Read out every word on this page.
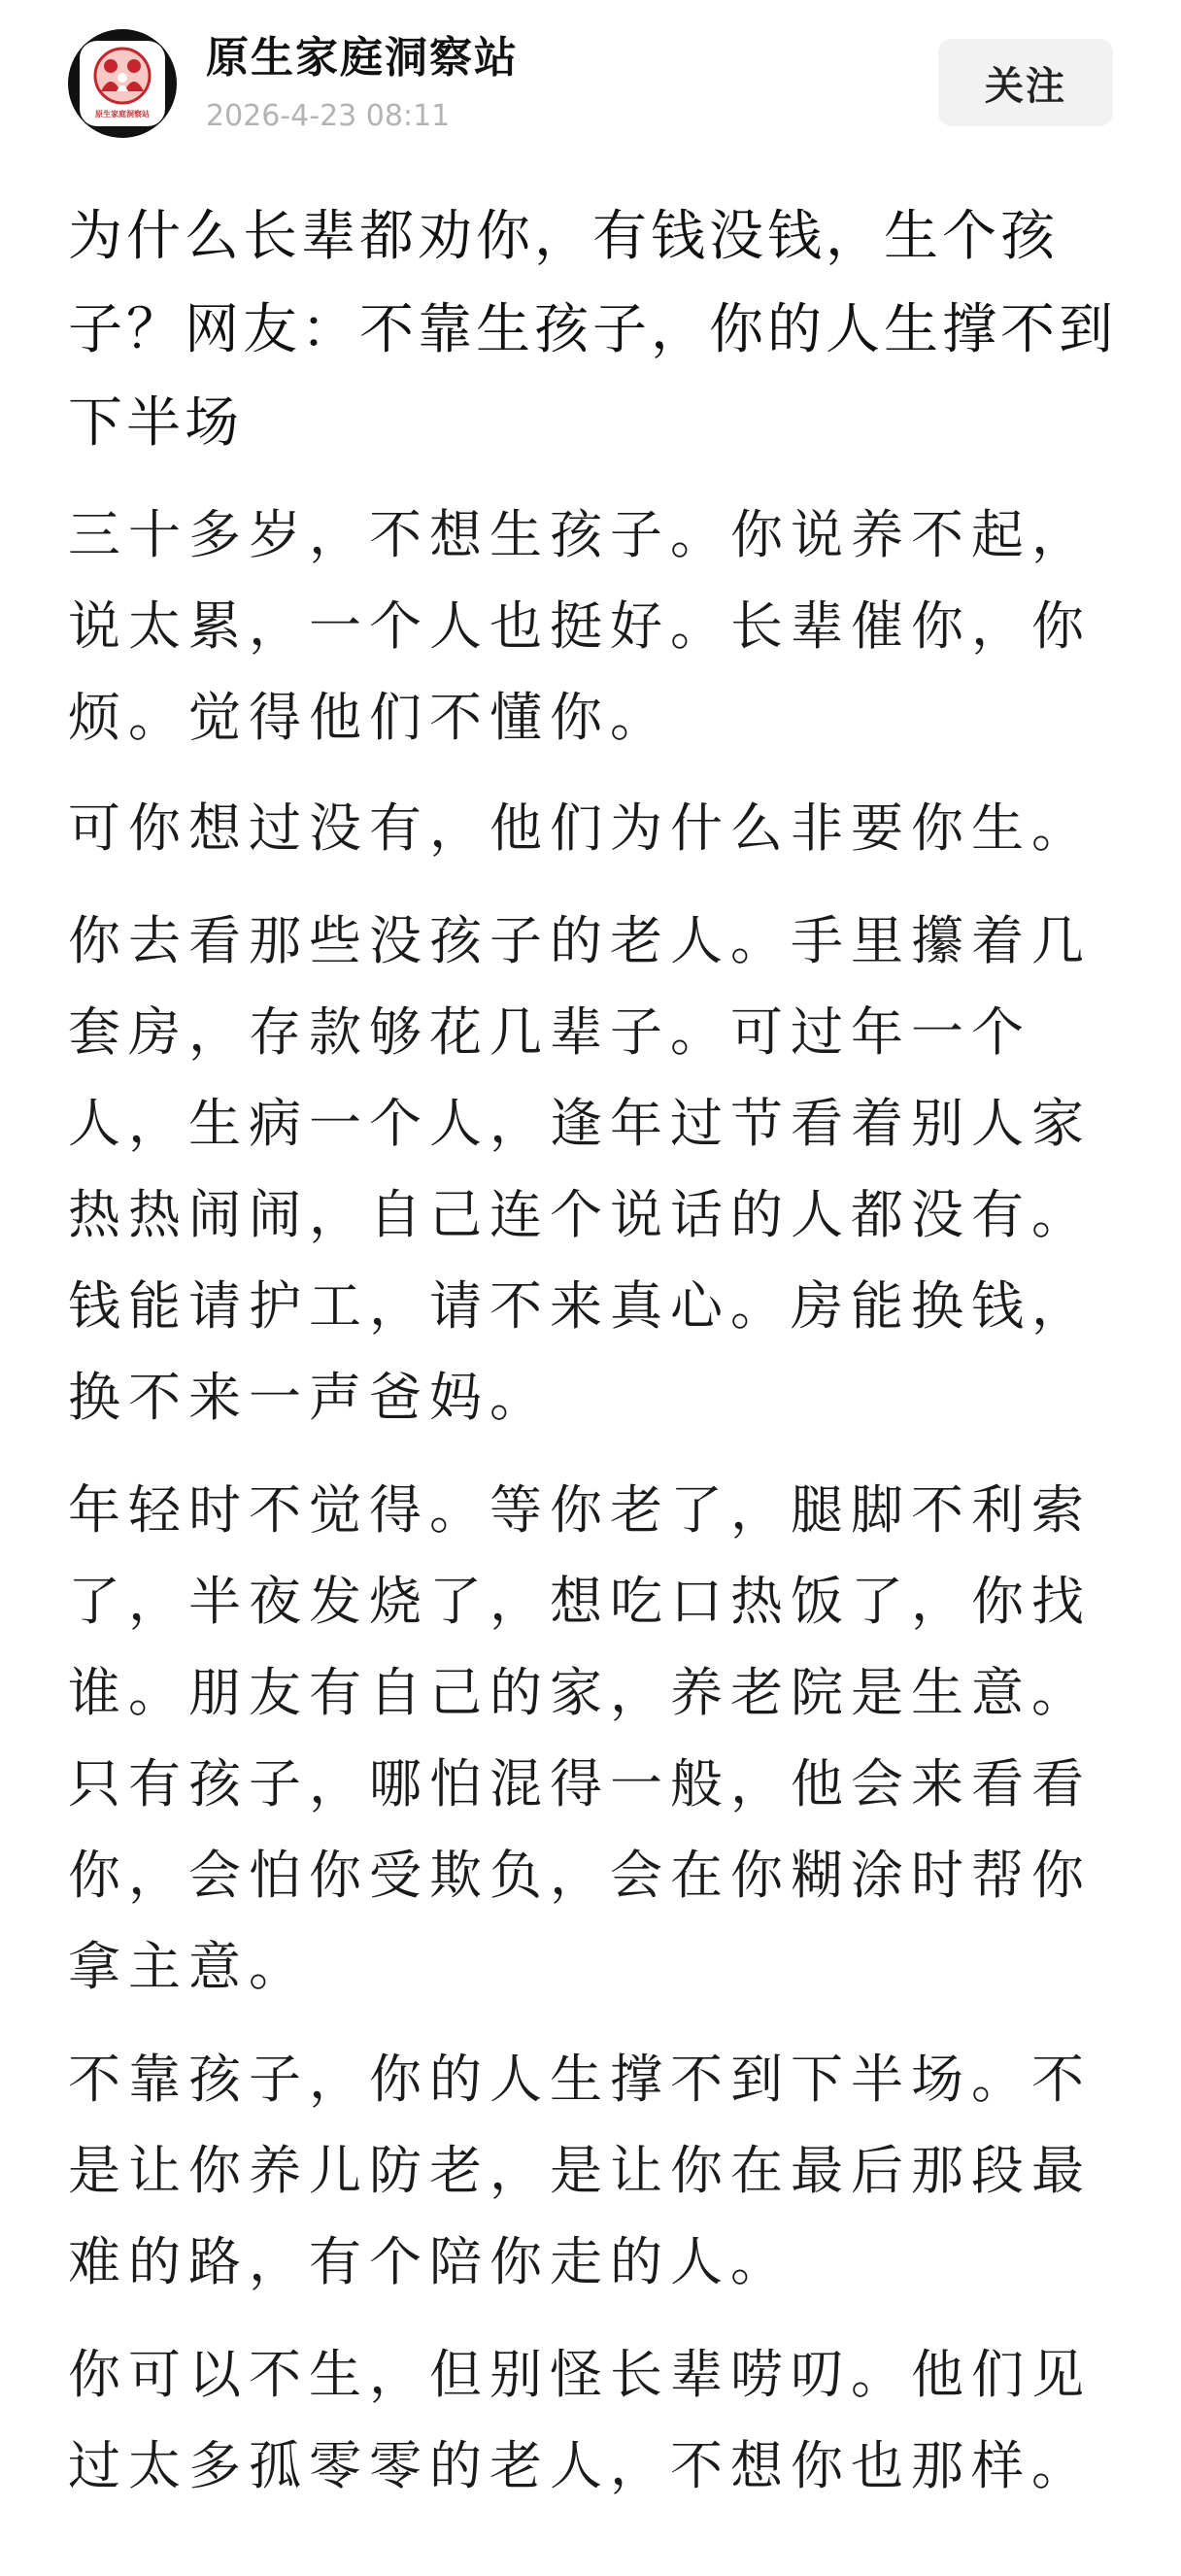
原生家庭洞察站
原生家庭洞察站
2026-4-23 08:11
关注
为什么长辈都劝你，有钱没钱，生个孩子？网友：不靠生孩子，你的人生撑不到下半场

三十多岁，不想生孩子。你说养不起，说太累，一个人也挺好。长辈催你，你烦。觉得他们不懂你。

可你想过没有，他们为什么非要你生。

你去看那些没孩子的老人。手里攥着几套房，存款够花几辈子。可过年一个人，生病一个人，逢年过节看着别人家热热闹闹，自己连个说话的人都没有。钱能请护工，请不来真心。房能换钱，换不来一声爸妈。

年轻时不觉得。等你老了，腿脚不利索了，半夜发烧了，想吃口热饭了，你找谁。朋友有自己的家，养老院是生意。只有孩子，哪怕混得一般，他会来看看你，会怕你受欺负，会在你糊涂时帮你拿主意。

不靠孩子，你的人生撑不到下半场。不是让你养儿防老，是让你在最后那段最难的路，有个陪你走的人。

你可以不生，但别怪长辈唠叨。他们见过太多孤零零的老人，不想你也那样。
